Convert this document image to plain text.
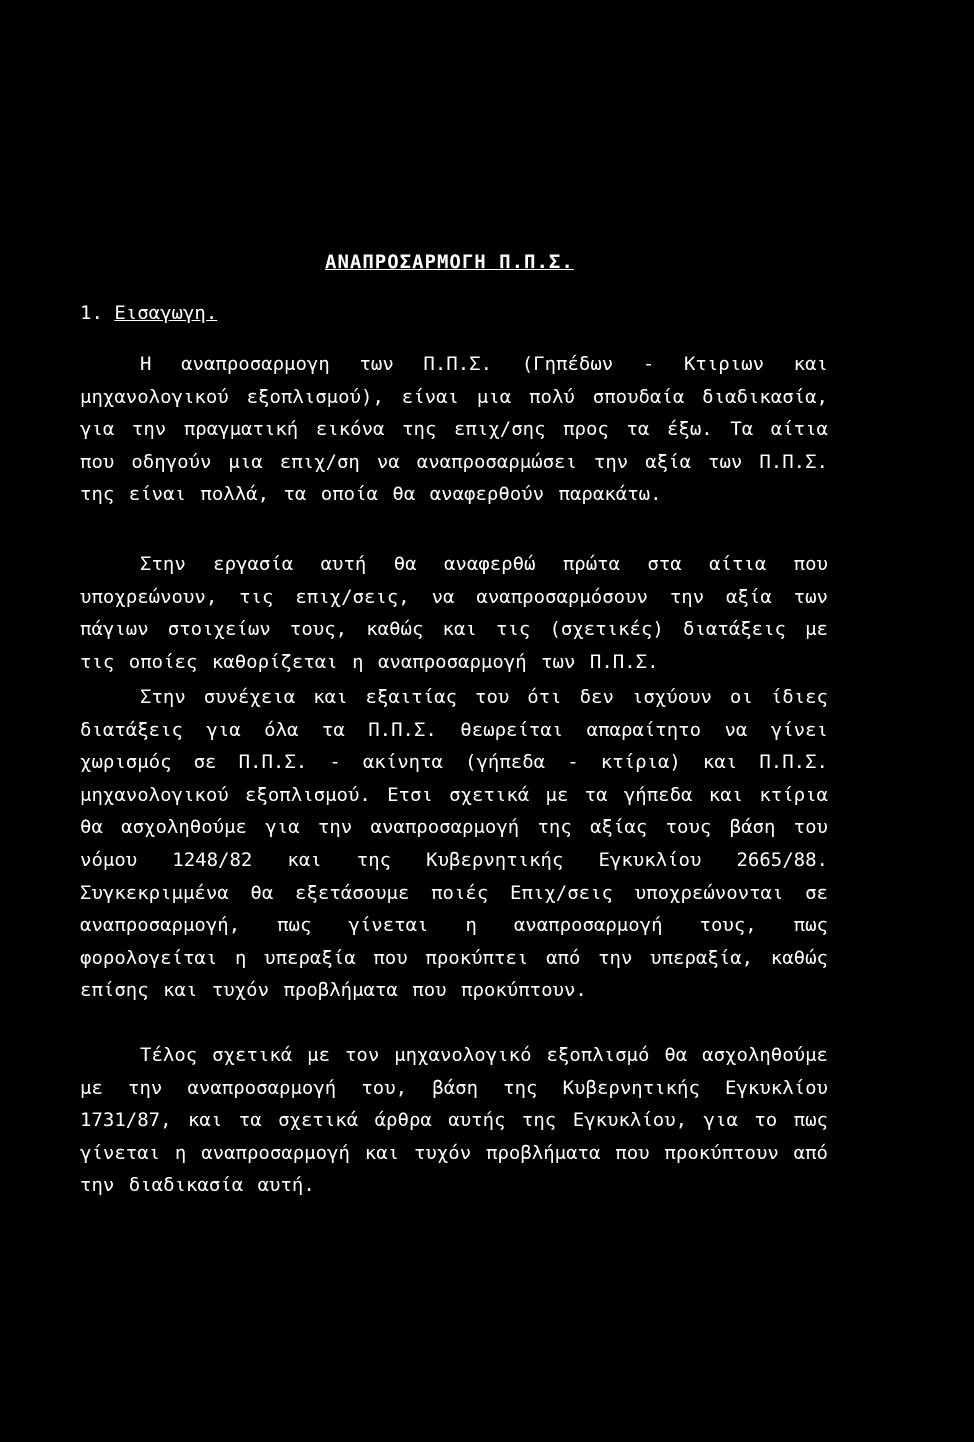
ΑΝΑΠΡΟΣΑΡΜΟΓΗ Π.Π.Σ.
1. Εισαγωγη.

Η αναπροσαρμογη των Π.Π.Σ. (Γηπέδων - Κτιριων και μηχανολογικού εξοπλισμού), είναι μια πολύ σπουδαία διαδικασία, για την πραγματική εικόνα της επιχ/σης προς τα έξω. Τα αίτια που οδηγούν μια επιχ/ση να αναπροσαρμώσει την αξία των Π.Π.Σ. της είναι πολλά, τα οποία θα αναφερθούν παρακάτω.

Στην εργασία αυτή θα αναφερθώ πρώτα στα αίτια που υποχρεώνουν, τις επιχ/σεις, να αναπροσαρμόσουν την αξία των πάγιων στοιχείων τους, καθώς και τις (σχετικές) διατάξεις με τις οποίες καθορίζεται η αναπροσαρμογή των Π.Π.Σ.

Στην συνέχεια και εξαιτίας του ότι δεν ισχύουν οι ίδιες διατάξεις για όλα τα Π.Π.Σ. θεωρείται απαραίτητο να γίνει χωρισμός σε Π.Π.Σ. - ακίνητα (γήπεδα - κτίρια) και Π.Π.Σ. μηχανολογικού εξοπλισμού. Ετσι σχετικά με τα γήπεδα και κτίρια θα ασχοληθούμε για την αναπροσαρμογή της αξίας τους βάση του νόμου 1248/82 και της Κυβερνητικής Εγκυκλίου 2665/88. Συγκεκριμμένα θα εξετάσουμε ποιές Επιχ/σεις υποχρεώνονται σε αναπροσαρμογή, πως γίνεται η αναπροσαρμογή τους, πως φορολογείται η υπεραξία που προκύπτει από την υπεραξία, καθώς επίσης και τυχόν προβλήματα που προκύπτουν.

Τέλος σχετικά με τον μηχανολογικό εξοπλισμό θα ασχοληθούμε με την αναπροσαρμογή του, βάση της Κυβερνητικής Εγκυκλίου 1731/87, και τα σχετικά άρθρα αυτής της Εγκυκλίου, για το πως γίνεται η αναπροσαρμογή και τυχόν προβλήματα που προκύπτουν από την διαδικασία αυτή.
